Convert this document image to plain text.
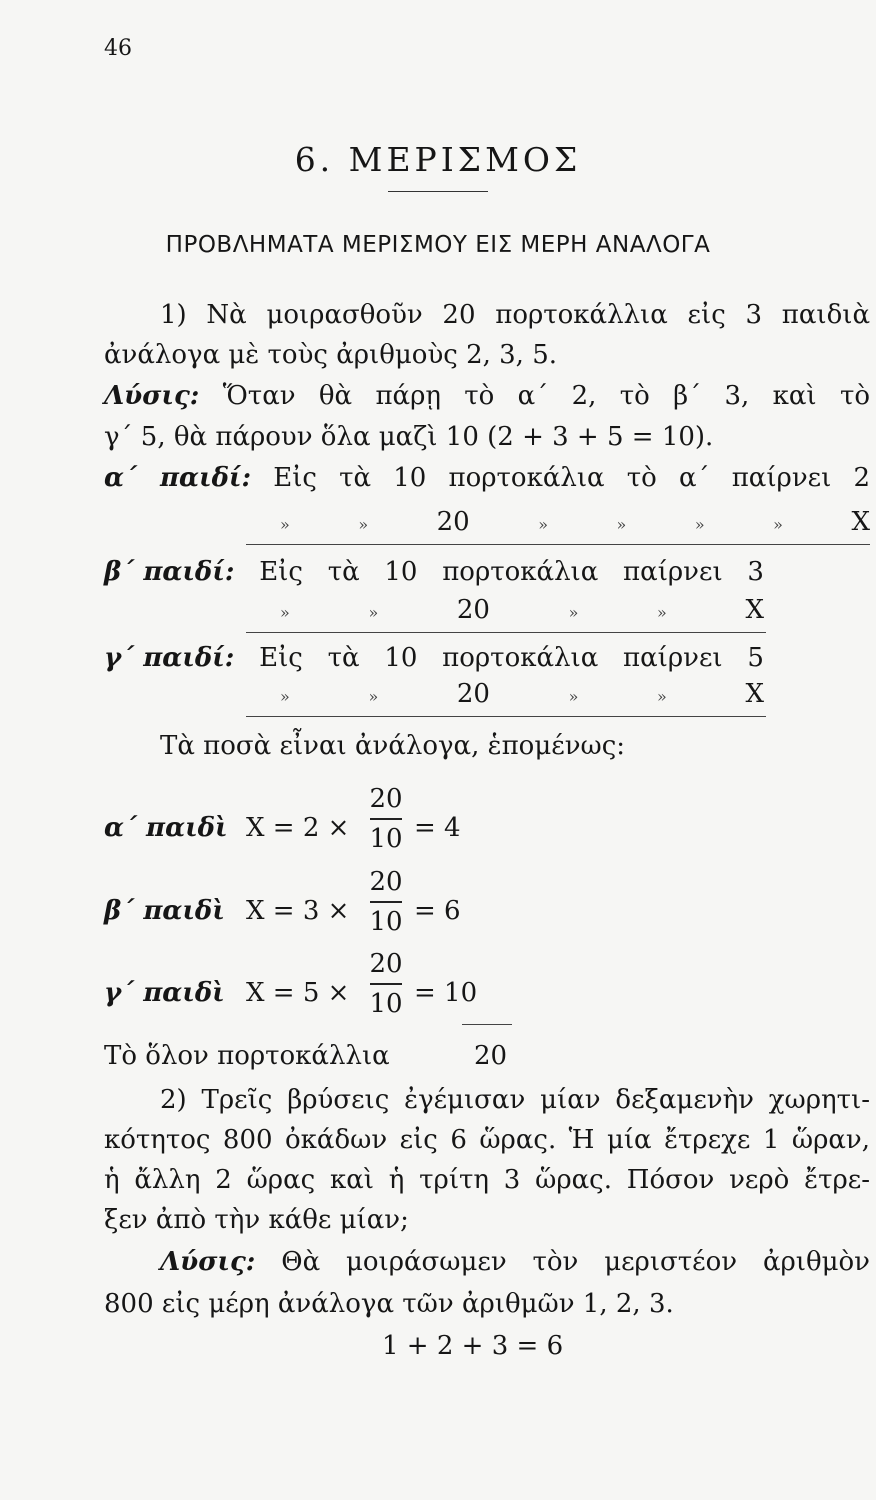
46
6. ΜΕΡΙΣΜΟΣ
ΠΡΟΒΛΗΜΑΤΑ ΜΕΡΙΣΜΟΥ ΕΙΣ ΜΕΡΗ ΑΝΑΛΟΓΑ
1) Νὰ μοιρασθοῦν 20 πορτοκάλλια εἰς 3 παιδιὰ
ἀνάλογα μὲ τοὺς ἀριθμοὺς 2, 3, 5.
Λύσις: Ὅταν θὰ πάρῃ τὸ α΄ 2, τὸ β΄ 3, καὶ τὸ
γ΄ 5, θὰ πάρουν ὅλα μαζὶ 10 (2 + 3 + 5 = 10).
α΄ παιδί: Εἰς τὰ 10 πορτοκάλια τὸ α΄ παίρνει 2
»	»	20	»	»	»	»	Χ
β΄ παιδί: Εἰς τὰ 10 πορτοκάλια παίρνει 3
»	»	20	»	»	Χ
γ΄ παιδί: Εἰς τὰ 10 πορτοκάλια παίρνει 5
»	»	20	»	»	Χ
Τὰ ποσὰ εἶναι ἀνάλογα, ἑπομένως:
α΄ παιδὶ Χ = 2 ×
20
10 = 4
β΄ παιδὶ Χ = 3 ×
20
10 = 6
γ΄ παιδὶ Χ = 5 ×
20
10 = 10
Τὸ ὅλον πορτοκάλλια	20
2) Τρεῖς βρύσεις ἐγέμισαν μίαν δεξαμενὴν χωρητι-
κότητος 800 ὀκάδων εἰς 6 ὥρας. Ἡ μία ἔτρεχε 1 ὥραν,
ἡ ἄλλη 2 ὥρας καὶ ἡ τρίτη 3 ὥρας. Πόσον νερὸ ἔτρε-
ξεν ἀπὸ τὴν κάθε μίαν;
Λύσις: Θὰ μοιράσωμεν τὸν μεριστέον ἀριθμὸν
800 εἰς μέρη ἀνάλογα τῶν ἀριθμῶν 1, 2, 3.
1 + 2 + 3 = 6
